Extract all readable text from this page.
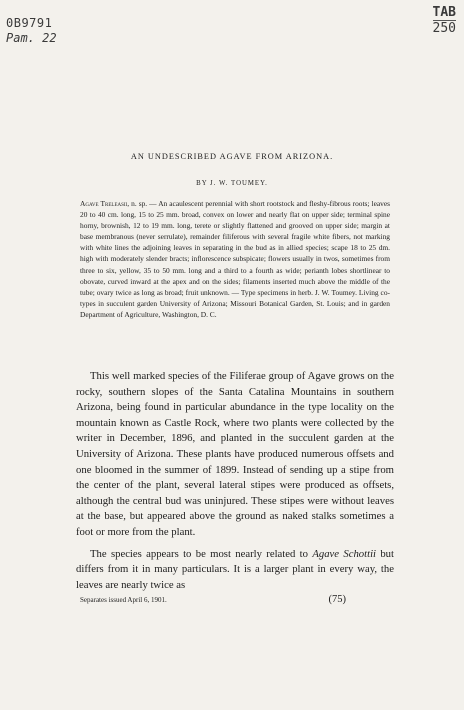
0B9791
Pam. 22
TAB
250
AN UNDESCRIBED AGAVE FROM ARIZONA.
BY J. W. TOUMEY.
Agave Treleasii, n. sp. — An acaulescent perennial with short rootstock and fleshy-fibrous roots; leaves 20 to 40 cm. long, 15 to 25 mm. broad, convex on lower and nearly flat on upper side; terminal spine horny, brownish, 12 to 19 mm. long, terete or slightly flattened and grooved on upper side; margin at base membranous (never serrulate), remainder filiferous with several fragile white fibers, not marking with white lines the adjoining leaves in separating in the bud as in allied species; scape 18 to 25 dm. high with moderately slender bracts; inflorescence subspicate; flowers usually in twos, sometimes from three to six, yellow, 35 to 50 mm. long and a third to a fourth as wide; perianth lobes shortlinear to obovate, curved inward at the apex and on the sides; filaments inserted much above the middle of the tube; ovary twice as long as broad; fruit unknown. — Type specimens in herb. J. W. Toumey. Living co-types in succulent garden University of Arizona; Missouri Botanical Garden, St. Louis; and in garden Department of Agriculture, Washington, D. C.

This well marked species of the Filiferae group of Agave grows on the rocky, southern slopes of the Santa Catalina Mountains in southern Arizona, being found in particular abundance in the type locality on the mountain known as Castle Rock, where two plants were collected by the writer in December, 1896, and planted in the succulent garden at the University of Arizona. These plants have produced numerous offsets and one bloomed in the summer of 1899. Instead of sending up a stipe from the center of the plant, several lateral stipes were produced as offsets, although the central bud was uninjured. These stipes were without leaves at the base, but appeared above the ground as naked stalks sometimes a foot or more from the plant.

The species appears to be most nearly related to Agave Schottii but differs from it in many particulars. It is a larger plant in every way, the leaves are nearly twice as

Separates issued April 6, 1901.	(75)
